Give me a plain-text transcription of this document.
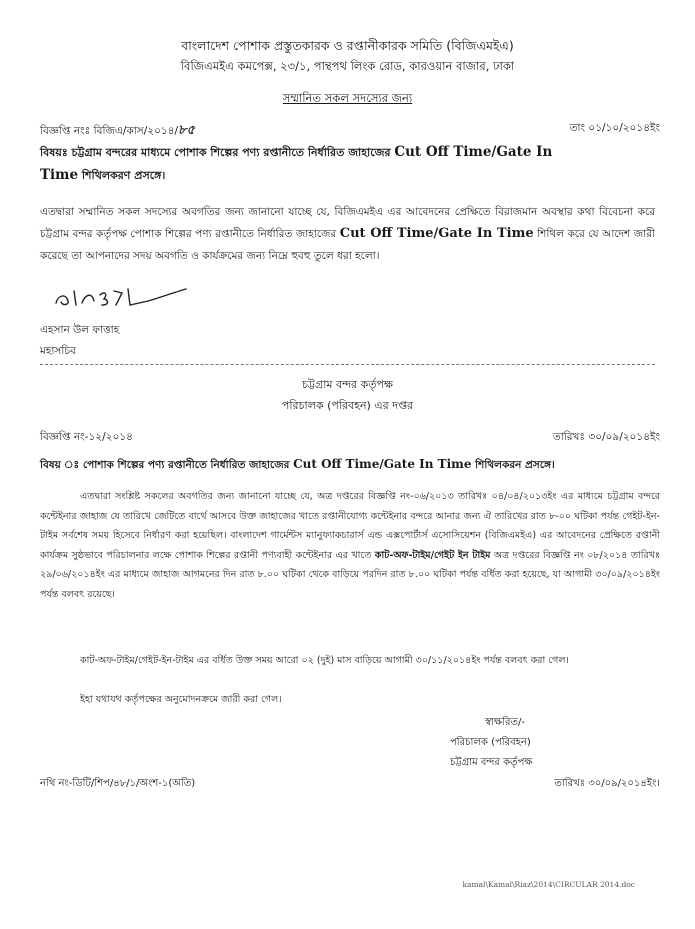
বাংলাদেশ পোশাক প্রস্তুতকারক ও রপ্তানীকারক সমিতি (বিজিএমইএ)
বিজিএমইএ কমপেক্স, ২৩/১, পান্থপথ লিংক রোড, কারওয়ান বাজার, ঢাকা
সম্মানিত সকল সদস্যের জন্য
বিজ্ঞপ্তি নংঃ বিজিএ/কাস/২০১৪/৮৫	তাং ০১/১০/২০১৪ইং
বিষয়ঃ চট্টগ্রাম বন্দরের মাধ্যমে পোশাক শিল্পের পণ্য রপ্তানীতে নির্ধারিত জাহাজের Cut Off Time/Gate In
Time শিথিলকরণ প্রসঙ্গে।
এতদ্বারা সম্মানিত সকল সদস্যের অবগতির জন্য জানানো যাচ্ছে যে, বিজিএমইএ এর আবেদনের প্রেক্ষিতে বিরাজমান অবস্থার কথা বিবেচনা করে চট্টগ্রাম বন্দর কর্তৃপক্ষ পোশাক শিল্পের পণ্য রপ্তানীতে নির্ধারিত জাহাজের Cut Off Time/Gate In Time শিথিল করে যে আদেশ জারী করেছে তা আপনাদের সদয় অবগতি ও কার্যক্রমের জন্য নিম্নে হুবহু তুলে ধরা হলো।
এহসান উল ফাত্তাহ
মহাসচিব
চট্টগ্রাম বন্দর কর্তৃপক্ষ
পরিচালক (পরিবহন) এর দপ্তর
বিজ্ঞপ্তি নং-১২/২০১৪	তারিখঃ ৩০/০৯/২০১৪ইং
বিষয় ঃ পোশাক শিল্পের পণ্য রপ্তানীতে নির্ধারিত জাহাজের Cut Off Time/Gate In Time শিথিলকরন প্রসঙ্গে।
এতদ্বারা সংশ্লিষ্ট সকলের অবগতির জন্য জানানো যাচ্ছে যে, অত্র দপ্তরের বিজ্ঞপ্তি নং-০৬/২০১৩ তারিখঃ ০৪/০৪/২০১৩ইং এর মাধ্যমে চট্টগ্রাম বন্দরে কন্টেইনার জাহাজ যে তারিখে জেটিতে বার্থে আসবে উক্ত জাহাজের খাতে রপ্তানীযোগ্য কন্টেইনার বন্দরে আনার জন্য ঐ তারিখের রাত ৮-০০ ঘটিকা পর্যন্ত গেইট-ইন-টাইম সর্বশেষ সময় হিসেবে নির্ধারণ করা হয়েছিল। বাংলাদেশ গার্মেন্টস ম্যানুফ্যাকচারার্স এন্ড এক্সপোর্টার্স এসোসিয়েশন (বিজিএমইএ) এর আবেদনের প্রেক্ষিতে রপ্তানী কার্যক্রম সুষ্ঠভাবে পরিচালনার লক্ষে পোশাক শিল্পের রপ্তানী পণ্যবাহী কন্টেইনার এর খাতে কাট-অফ-টাইম/গেইট ইন টাইম অত্র দপ্তরের বিজ্ঞপ্তি নং ০৮/২০১৪ তারিখঃ ২৯/০৬/২০১৪ইং এর মাধ্যমে জাহাজ আগমনের দিন রাত ৮.০০ ঘটিকা থেকে বাড়িয়ে পরদিন রাত ৮.০০ ঘটিকা পর্যন্ত বর্ধিত করা হয়েছে, যা আগামী ৩০/০৯/২০১৪ইং পর্যন্ত বলবৎ রয়েছে।
কাট-অফ-টাইম/গেইট-ইন-টাইম এর বর্ধিত উক্ত সময় আরো ০২ (দুই) মাস বাড়িয়ে আগামী ৩০/১১/২০১৪ইং পর্যন্ত বলবৎ করা গেল।
ইহা যথাযথ কর্তৃপক্ষের অনুমোদনক্রমে জারী করা গেল।
স্বাক্ষরিত/-
পরিচালক (পরিবহন)
চট্টগ্রাম বন্দর কর্তৃপক্ষ
নথি নং-ডিটি/শিপ/৪৮/১/অংশ-১(অতি)	তারিখঃ ৩০/০৯/২০১৪ইং।
kamal\Kamal\Riaz\2014\CIRCULAR 2014.doc
